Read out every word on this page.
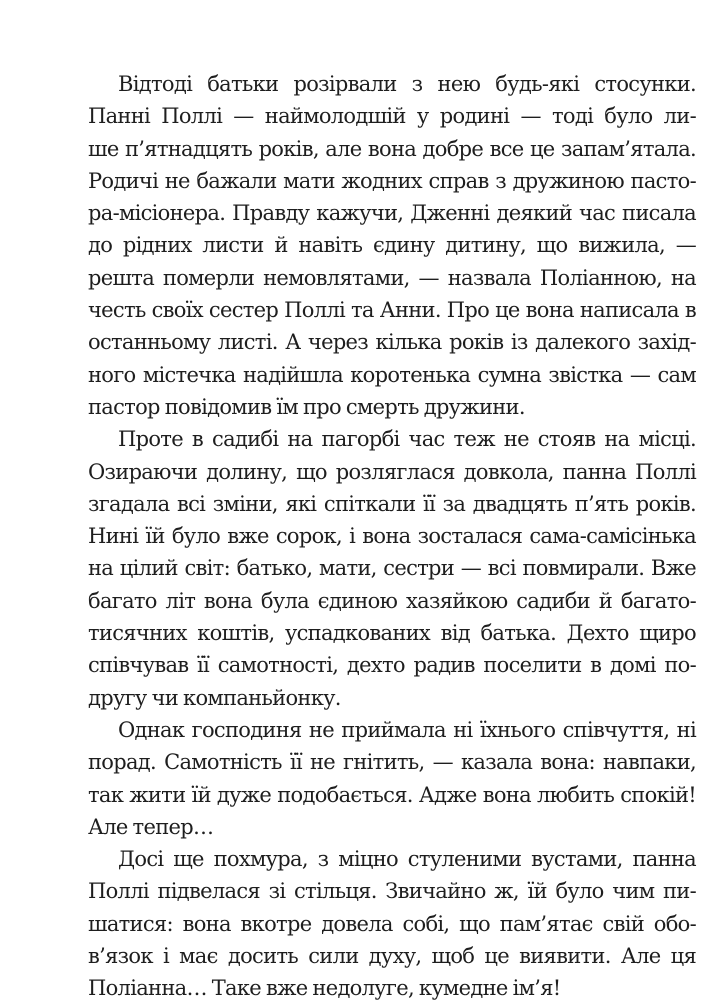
Відтоді батьки розірвали з нею будь-які стосунки.
Панні Поллі — наймолодшій у родині — тоді було ли-
ше п’ятнадцять років, але вона добре все це запам’ятала.
Родичі не бажали мати жодних справ з дружиною пасто-
ра-місіонера. Правду кажучи, Дженні деякий час писала
до рідних листи й навіть єдину дитину, що вижила, —
решта померли немовлятами, — назвала Поліанною, на
честь своїх сестер Поллі та Анни. Про це вона написала в
останньому листі. А через кілька років із далекого захід-
ного містечка надійшла коротенька сумна звістка — сам
пастор повідомив їм про смерть дружини.
Проте в садибі на пагорбі час теж не стояв на місці.
Озираючи долину, що розляглася довкола, панна Поллі
згадала всі зміни, які спіткали її за двадцять п’ять років.
Нині їй було вже сорок, і вона зосталася сама-самісінька
на цілий світ: батько, мати, сестри — всі повмирали. Вже
багато літ вона була єдиною хазяйкою садиби й багато-
тисячних коштів, успадкованих від батька. Дехто щиро
співчував її самотності, дехто радив поселити в домі по-
другу чи компаньйонку.
Однак господиня не приймала ні їхнього співчуття, ні
порад. Самотність її не гнітить, — казала вона: навпаки,
так жити їй дуже подобається. Адже вона любить спокій!
Але тепер…
Досі ще похмура, з міцно стуленими вустами, панна
Поллі підвелася зі стільця. Звичайно ж, їй було чим пи-
шатися: вона вкотре довела собі, що пам’ятає свій обо-
в’язок і має досить сили духу, щоб це виявити. Але ця
Поліанна… Таке вже недолуге, кумедне ім’я!
